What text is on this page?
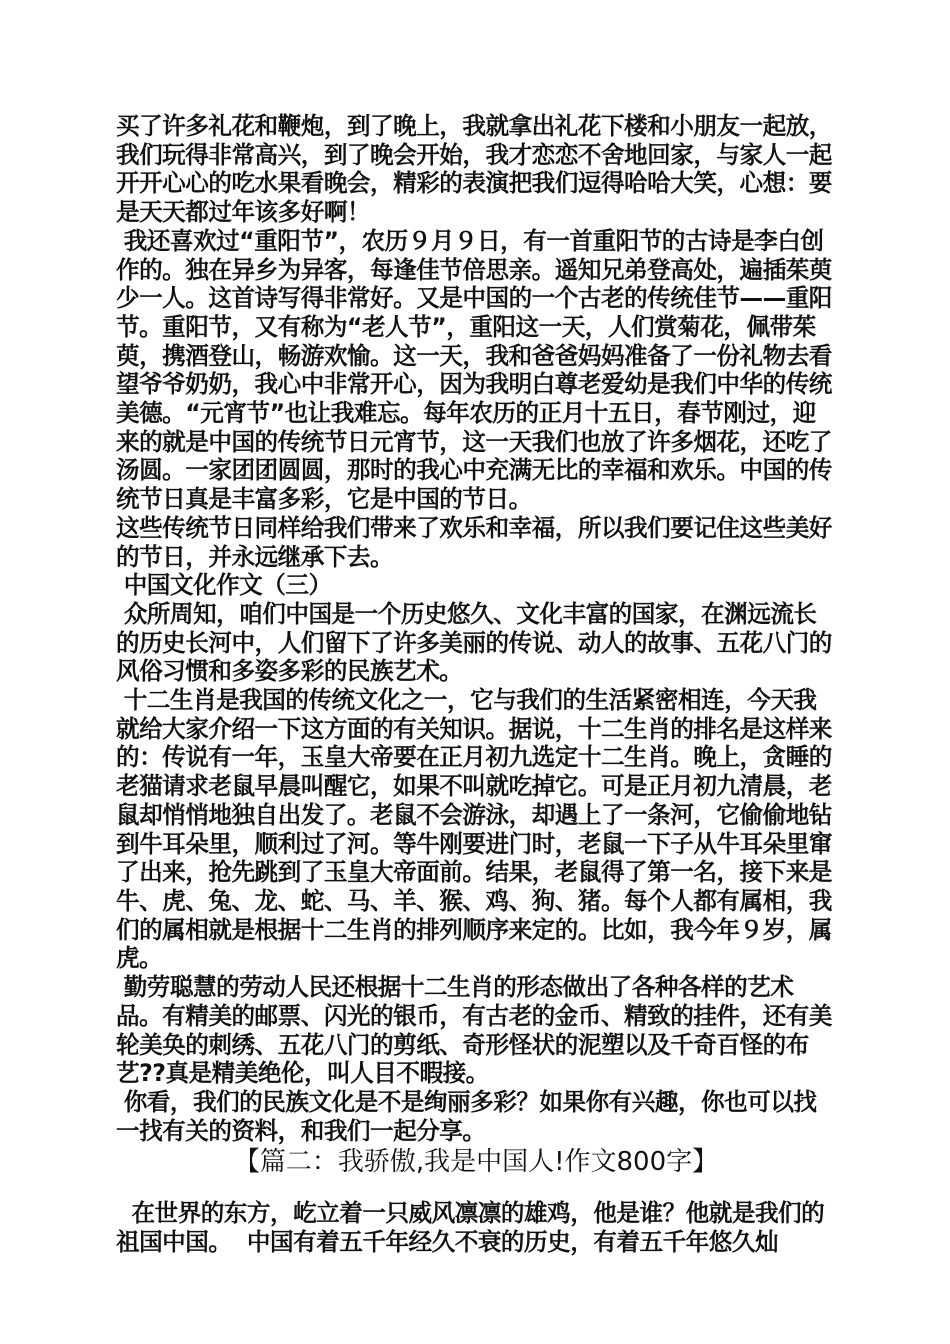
买了许多礼花和鞭炮，到了晚上，我就拿出礼花下楼和小朋友一起放，我们玩得非常高兴，到了晚会开始，我才恋恋不舍地回家，与家人一起开开心心的吃水果看晚会，精彩的表演把我们逗得哈哈大笑，心想：要是天天都过年该多好啊！

我还喜欢过“重阳节”，农历９月９日，有一首重阳节的古诗是李白创作的。独在异乡为异客，每逢佳节倍思亲。遥知兄弟登高处，遍插茱萸少一人。这首诗写得非常好。又是中国的一个古老的传统佳节——重阳节。重阳节，又有称为“老人节”，重阳这一天，人们赏菊花，佩带茱萸，携酒登山，畅游欢愉。这一天，我和爸爸妈妈准备了一份礼物去看望爷爷奶奶，我心中非常开心，因为我明白尊老爱幼是我们中华的传统美德。“元宵节”也让我难忘。每年农历的正月十五日，春节刚过，迎来的就是中国的传统节日元宵节，这一天我们也放了许多烟花，还吃了汤圆。一家团团圆圆，那时的我心中充满无比的幸福和欢乐。中国的传统节日真是丰富多彩，它是中国的节日。

这些传统节日同样给我们带来了欢乐和幸福，所以我们要记住这些美好的节日，并永远继承下去。

中国文化作文（三）

众所周知，咱们中国是一个历史悠久、文化丰富的国家，在渊远流长的历史长河中，人们留下了许多美丽的传说、动人的故事、五花八门的风俗习惯和多姿多彩的民族艺术。

十二生肖是我国的传统文化之一，它与我们的生活紧密相连，今天我就给大家介绍一下这方面的有关知识。据说，十二生肖的排名是这样来的：传说有一年，玉皇大帝要在正月初九选定十二生肖。晚上，贪睡的老猫请求老鼠早晨叫醒它，如果不叫就吃掉它。可是正月初九清晨，老鼠却悄悄地独自出发了。老鼠不会游泳，却遇上了一条河，它偷偷地钻到牛耳朵里，顺利过了河。等牛刚要进门时，老鼠一下子从牛耳朵里窜了出来，抢先跳到了玉皇大帝面前。结果，老鼠得了第一名，接下来是牛、虎、兔、龙、蛇、马、羊、猴、鸡、狗、猪。每个人都有属相，我们的属相就是根据十二生肖的排列顺序来定的。比如，我今年９岁，属虎。

勤劳聪慧的劳动人民还根据十二生肖的形态做出了各种各样的艺术品。有精美的邮票、闪光的银币，有古老的金币、精致的挂件，还有美轮美奂的刺绣、五花八门的剪纸、奇形怪状的泥塑以及千奇百怪的布艺??真是精美绝伦，叫人目不暇接。

你看，我们的民族文化是不是绚丽多彩？如果你有兴趣，你也可以找一找有关的资料，和我们一起分享。

【篇二：我骄傲,我是中国人!作文800字】

在世界的东方，屹立着一只威风凛凛的雄鸡，他是谁？他就是我们的祖国中国。  中国有着五千年经久不衰的历史，有着五千年悠久灿
